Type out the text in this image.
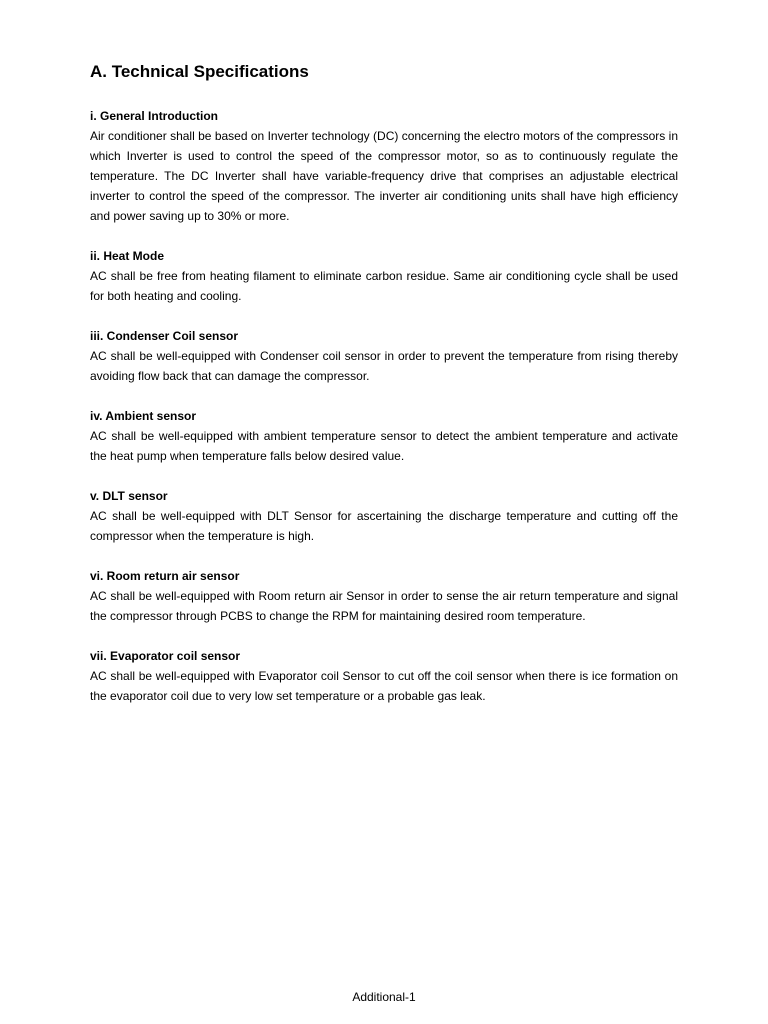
A. Technical Specifications

i. General Introduction

Air conditioner shall be based on Inverter technology (DC) concerning the electro motors of the compressors in which Inverter is used to control the speed of the compressor motor, so as to continuously regulate the temperature. The DC Inverter shall have variable-frequency drive that comprises an adjustable electrical inverter to control the speed of the compressor. The inverter air conditioning units shall have high efficiency and power saving up to 30% or more.

ii. Heat Mode

AC shall be free from heating filament to eliminate carbon residue. Same air conditioning cycle shall be used for both heating and cooling.

iii. Condenser Coil sensor

AC shall be well-equipped with Condenser coil sensor in order to prevent the temperature from rising thereby avoiding flow back that can damage the compressor.

iv. Ambient sensor

AC shall be well-equipped with ambient temperature sensor to detect the ambient temperature and activate the heat pump when temperature falls below desired value.

v. DLT sensor

AC shall be well-equipped with DLT Sensor for ascertaining the discharge temperature and cutting off the compressor when the temperature is high.

vi. Room return air sensor

AC shall be well-equipped with Room return air Sensor in order to sense the air return temperature and signal the compressor through PCBS to change the RPM for maintaining desired room temperature.

vii. Evaporator coil sensor

AC shall be well-equipped with Evaporator coil Sensor to cut off the coil sensor when there is ice formation on the evaporator coil due to very low set temperature or a probable gas leak.

Additional-1
